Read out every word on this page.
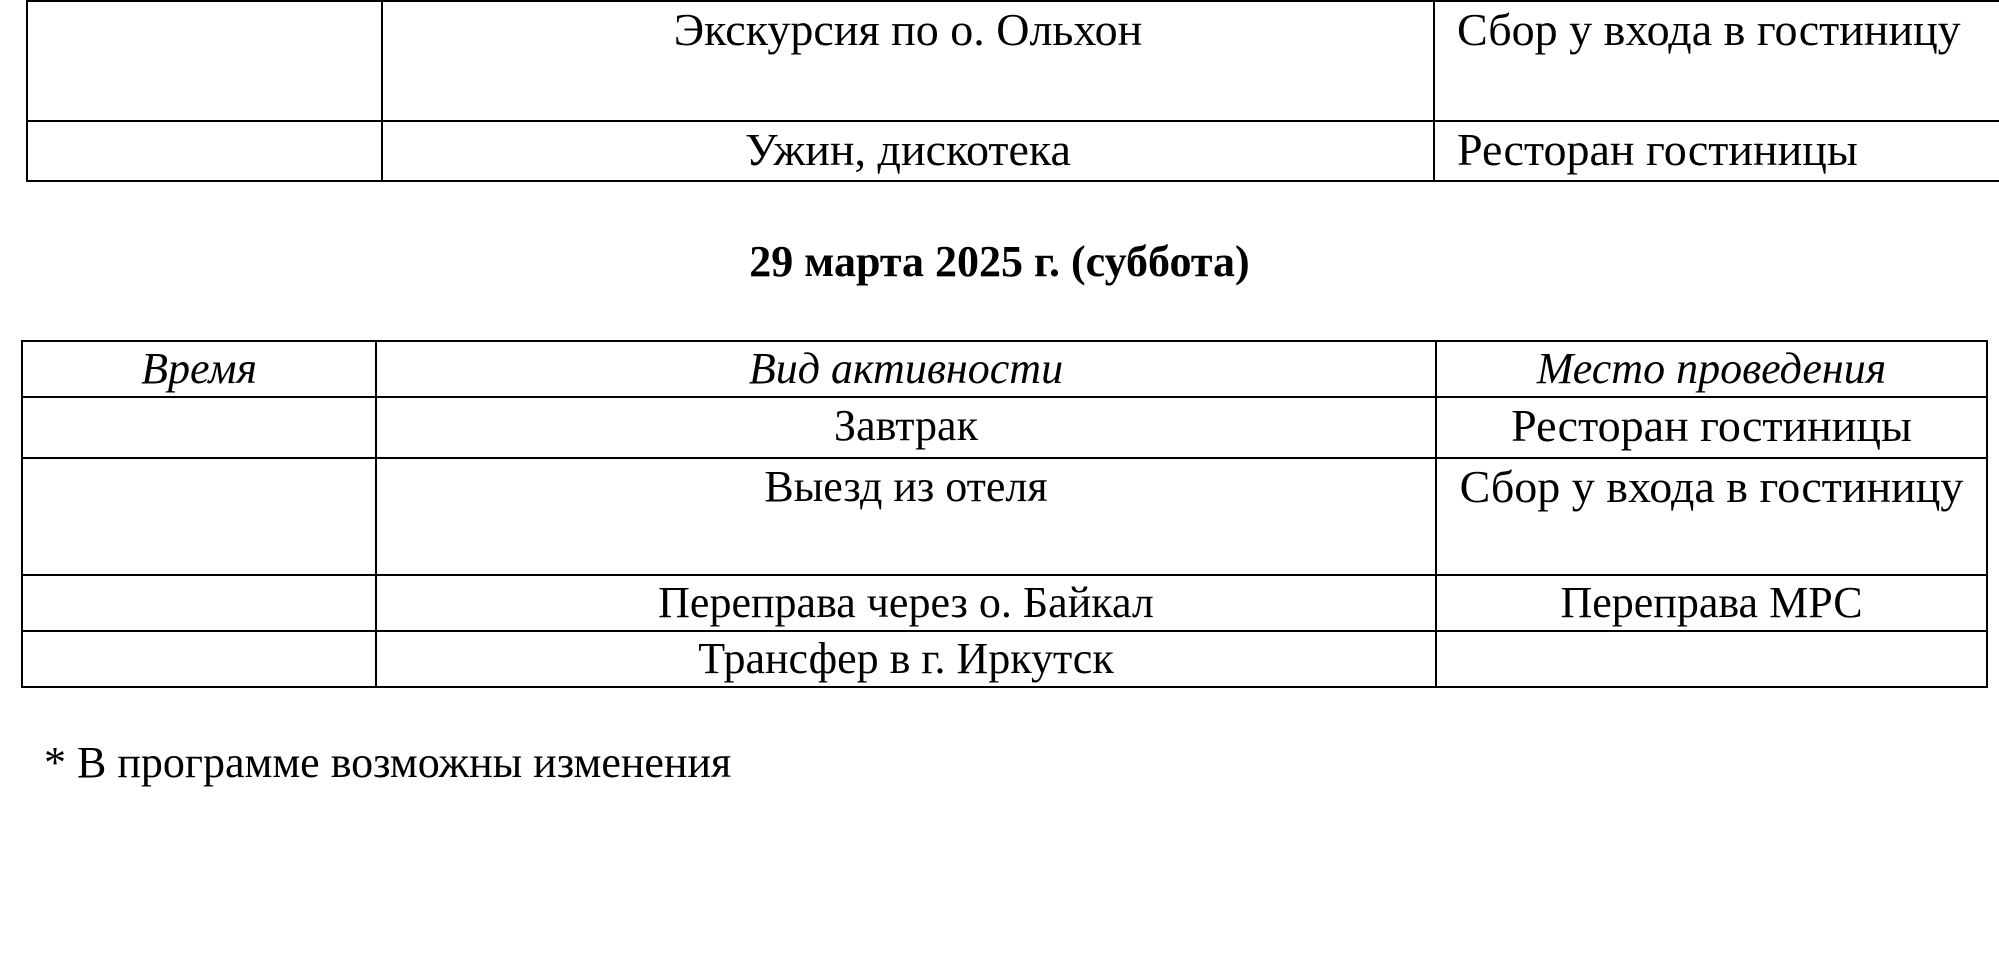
	Экскурсия по о. Ольхон	Сбор у входа в гостиницу
	Ужин, дискотека	Ресторан гостиницы

29 марта 2025 г. (суббота)

Время	Вид активности	Место проведения
	Завтрак	Ресторан гостиницы
	Выезд из отеля	Сбор у входа в гостиницу
	Переправа через о. Байкал	Переправа МРС
	Трансфер в г. Иркутск	

* В программе возможны изменения
